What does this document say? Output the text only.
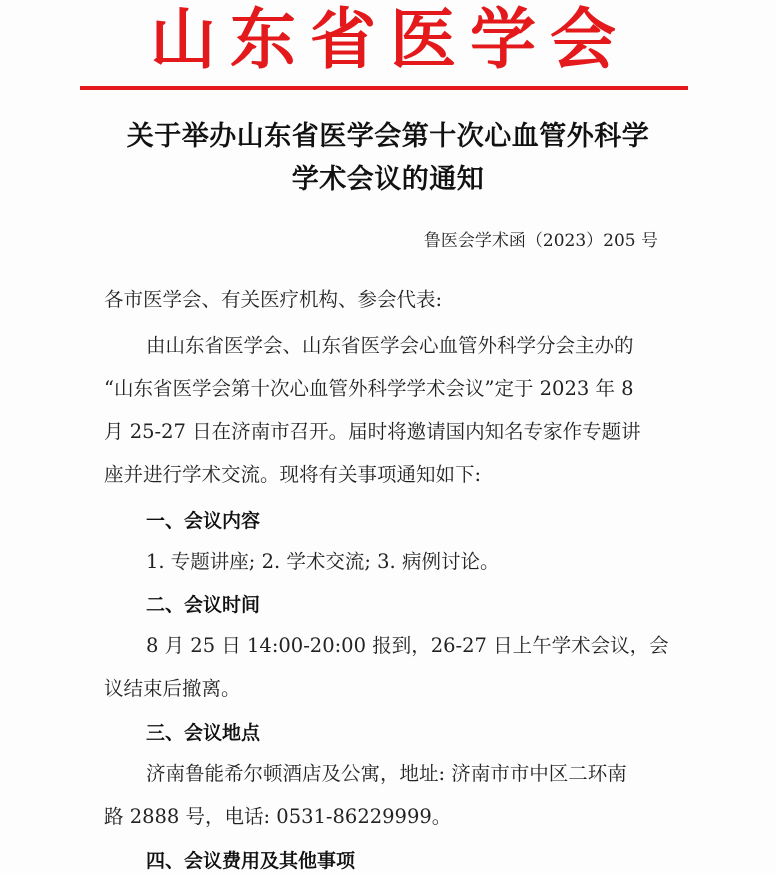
山东省医学会
关于举办山东省医学会第十次心血管外科学
学术会议的通知
鲁医会学术函（2023）205 号
各市医学会、有关医疗机构、参会代表:
由山东省医学会、山东省医学会心血管外科学分会主办的
“山东省医学会第十次心血管外科学学术会议”定于 2023 年 8
月 25-27 日在济南市召开。届时将邀请国内知名专家作专题讲
座并进行学术交流。现将有关事项通知如下:
一、会议内容
1. 专题讲座; 2. 学术交流; 3. 病例讨论。
二、会议时间
8 月 25 日 14:00-20:00 报到，26-27 日上午学术会议，会
议结束后撤离。
三、会议地点
济南鲁能希尔顿酒店及公寓，地址: 济南市市中区二环南
路 2888 号，电话: 0531-86229999。
四、会议费用及其他事项
